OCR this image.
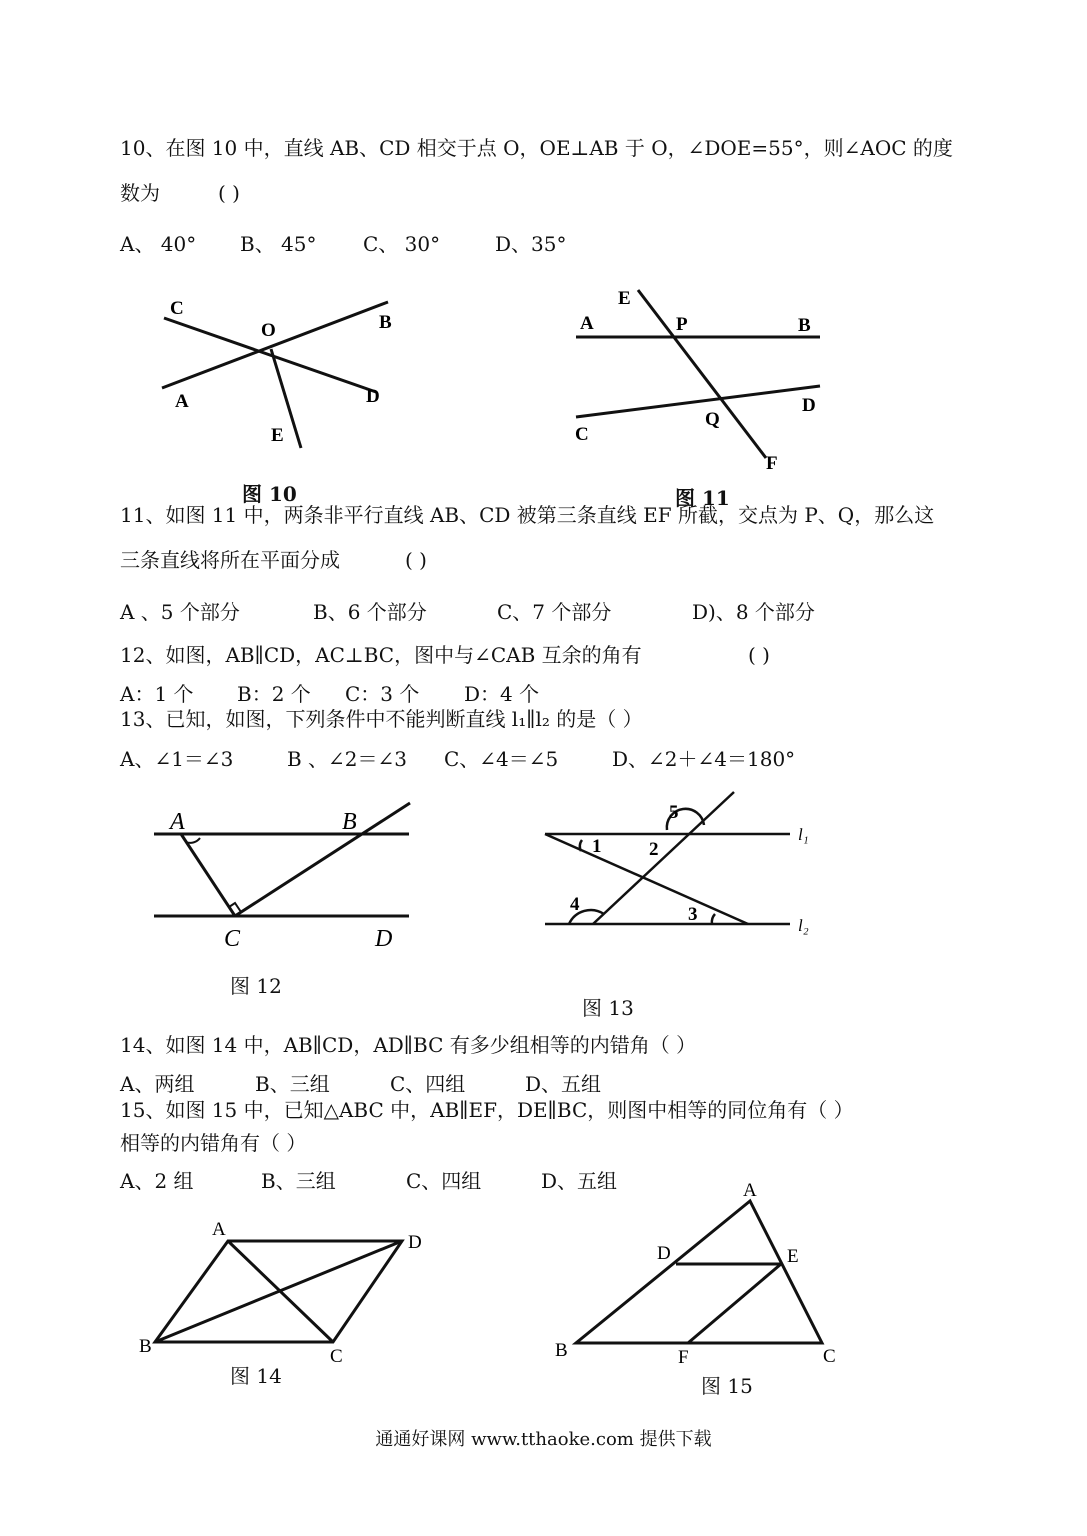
10、在图 10 中，直线 AB、CD 相交于点 O，OE⊥AB 于 O，∠DOE=55°，则∠AOC 的度
数为	( )
A、 40° B、 45° C、 30°	D、35°
C
O	B
A	D
E
E
A	P	B
C
Q
D
F
A	B
C	D
5
1	2
4	3
l₁
l₂
A
D
B	C
A
D	E
B	F	C
图 10	图 11
11、如图 11 中，两条非平行直线 AB、CD 被第三条直线 EF 所截，交点为 P、Q，那么这
三条直线将所在平面分成	( )
A 、5 个部分	B、6 个部分	C、7 个部分	D)、8 个部分
12、如图，AB∥CD，AC⊥BC，图中与∠CAB 互余的角有	( )
A：1 个 B：2 个 C：3 个 D：4 个
13、已知，如图，下列条件中不能判断直线 l₁∥l₂ 的是（ ）
A、∠1＝∠3	B 、∠2＝∠3 C、∠4＝∠5	D、∠2＋∠4＝180°
图 12
图 13
14、如图 14 中，AB∥CD，AD∥BC 有多少组相等的内错角（ ）
A、两组	B、三组	C、四组	D、五组
15、如图 15 中，已知△ABC 中，AB∥EF，DE∥BC，则图中相等的同位角有（ ）
相等的内错角有（ ）
A、2 组	B、三组	C、四组	D、五组
图 14	图 15
通通好课网 www.tthaoke.com 提供下载
